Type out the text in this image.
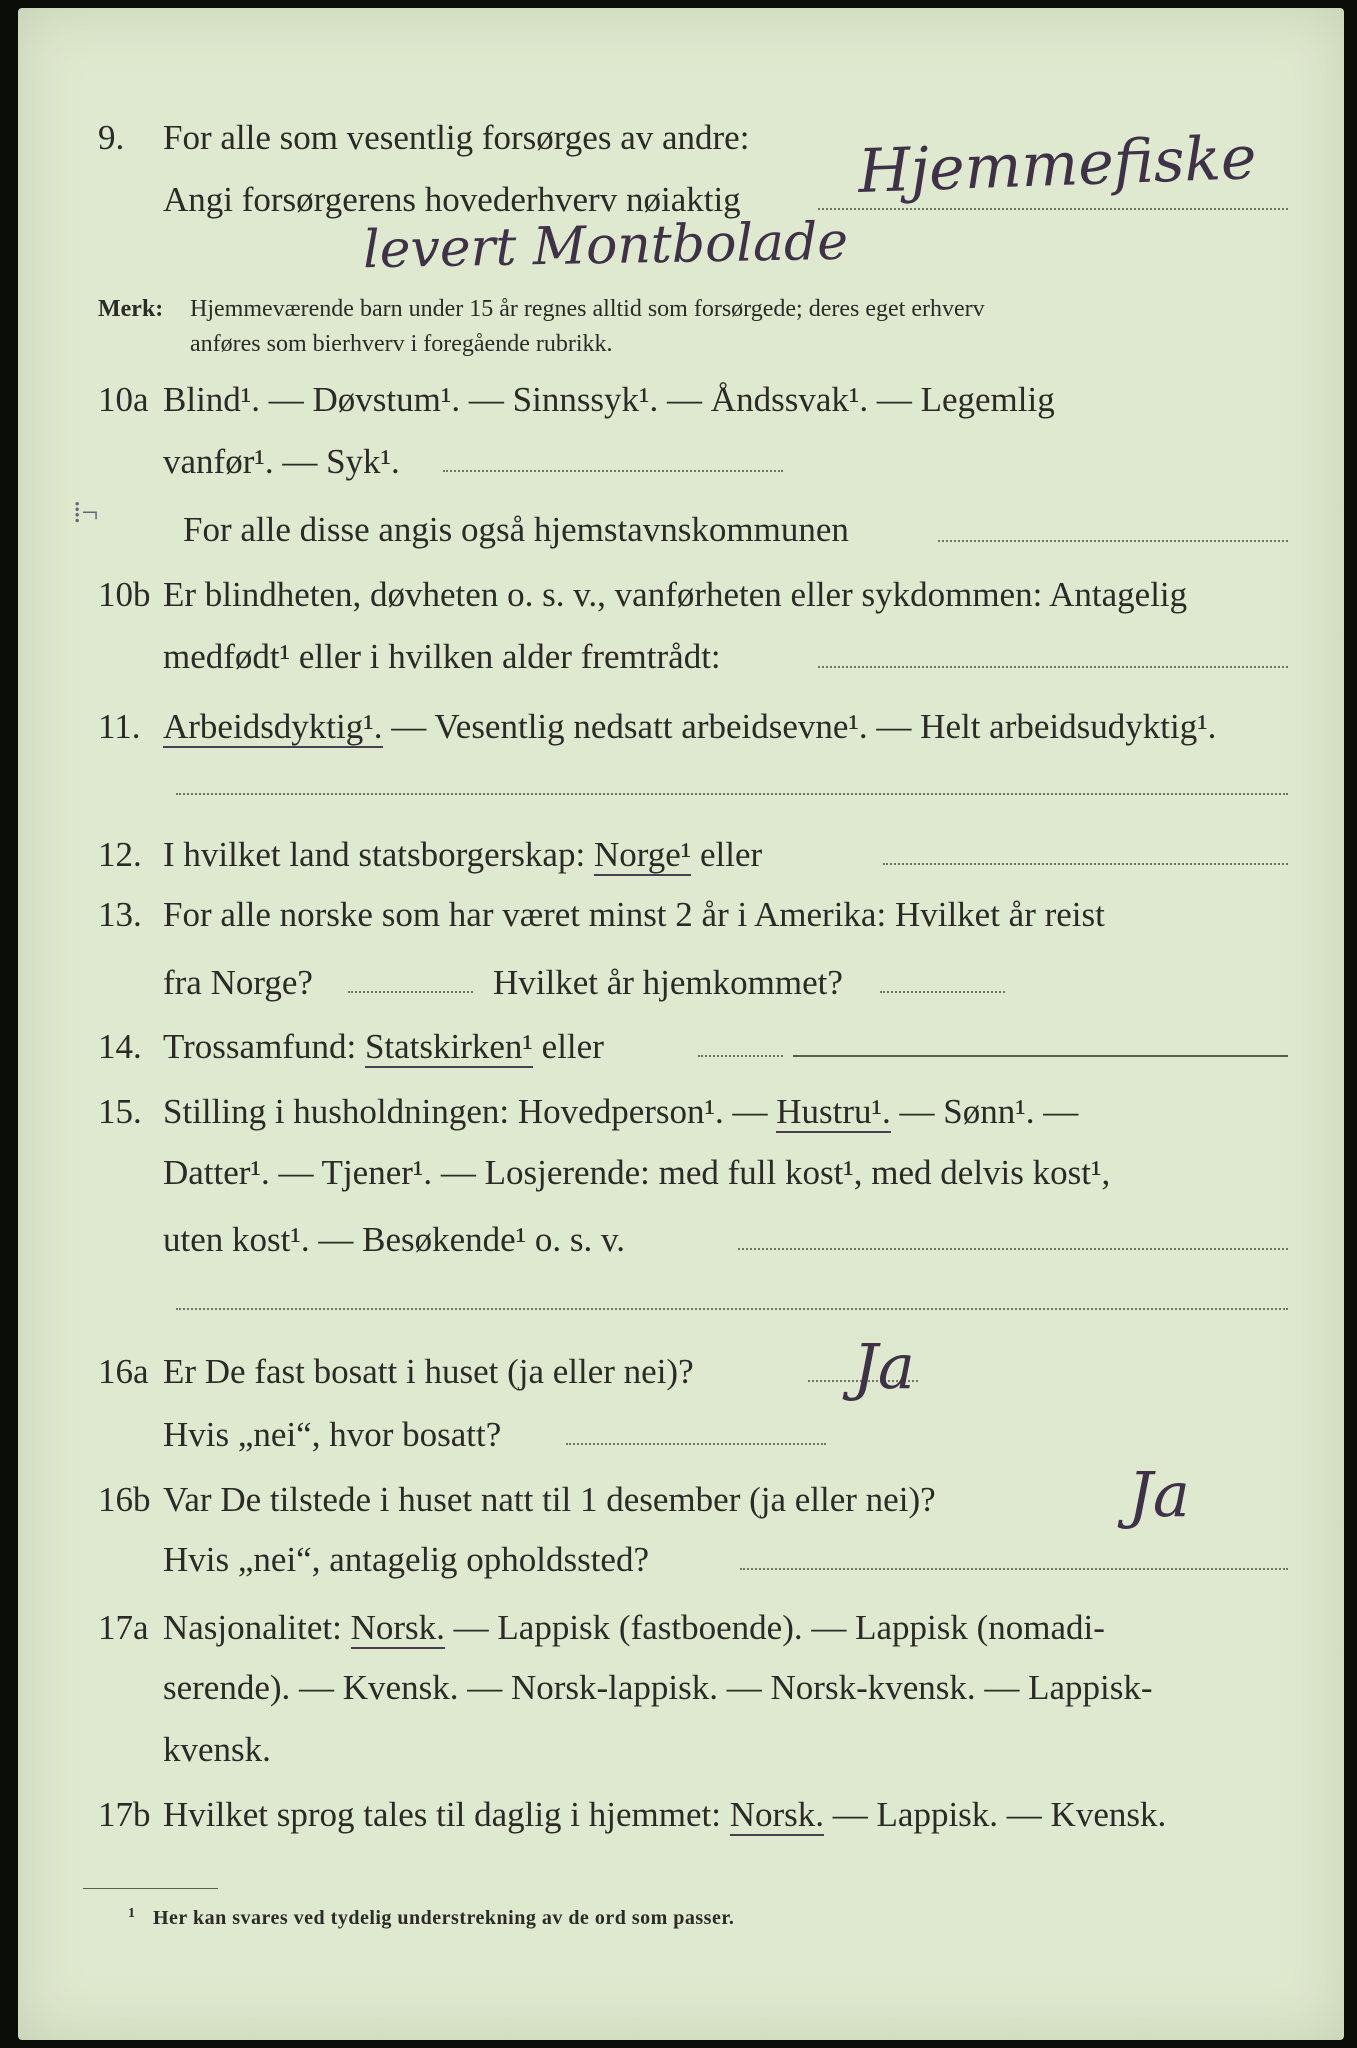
9. For alle som vesentlig forsørges av andre:
Angi forsørgerens hovederhverv nøiaktig Hjemmefiske
levert Montbolade
Merk: Hjemmeværende barn under 15 år regnes alltid som forsørgede; deres eget erhverv
anføres som bierhverv i foregående rubrikk.
10a Blind¹. — Døvstum¹. — Sinnssyk¹. — Åndssvak¹. — Legemlig
vanfør¹. — Syk¹.
⁞¬ For alle disse angis også hjemstavnskommunen
10b Er blindheten, døvheten o. s. v., vanførheten eller sykdommen: Antagelig
medfødt¹ eller i hvilken alder fremtrådt:
11. Arbeidsdyktig¹. — Vesentlig nedsatt arbeidsevne¹. — Helt arbeidsudyktig¹.
12. I hvilket land statsborgerskap: Norge¹ eller
13. For alle norske som har været minst 2 år i Amerika: Hvilket år reist
fra Norge?	Hvilket år hjemkommet?
14. Trossamfund: Statskirken¹ eller
15. Stilling i husholdningen: Hovedperson¹. — Hustru¹. — Sønn¹. —
Datter¹. — Tjener¹. — Losjerende: med full kost¹, med delvis kost¹,
uten kost¹. — Besøkende¹ o. s. v.
16a Er De fast bosatt i huset (ja eller nei)?	Ja
Hvis „nei“, hvor bosatt?
16b Var De tilstede i huset natt til 1 desember (ja eller nei)?	Ja
Hvis „nei“, antagelig opholdssted?
17a Nasjonalitet: Norsk. — Lappisk (fastboende). — Lappisk (nomadi-
serende). — Kvensk. — Norsk-lappisk. — Norsk-kvensk. — Lappisk-
kvensk.
17b Hvilket sprog tales til daglig i hjemmet: Norsk. — Lappisk. — Kvensk.
1 Her kan svares ved tydelig understrekning av de ord som passer.
